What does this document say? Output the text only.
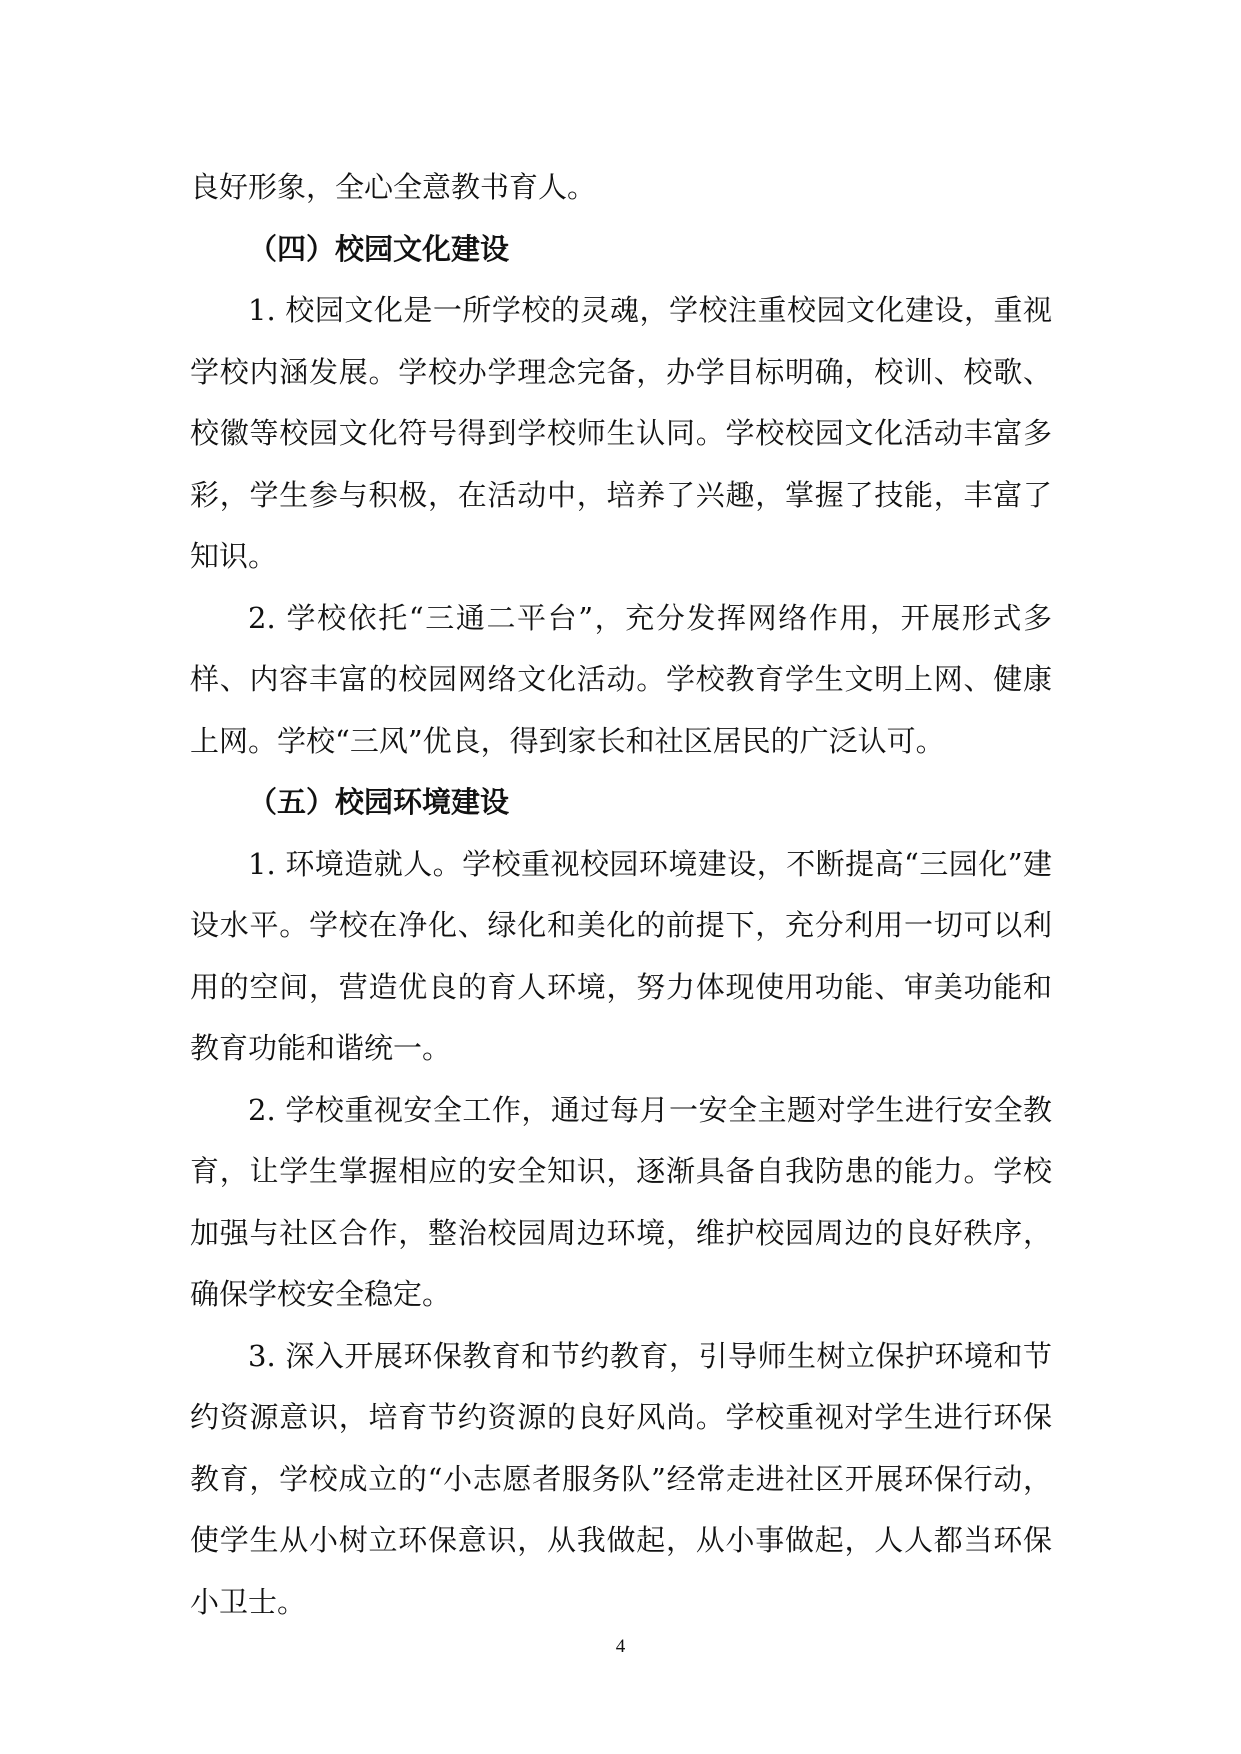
良好形象，全心全意教书育人。

（四）校园文化建设

1. 校园文化是一所学校的灵魂，学校注重校园文化建设，重视学校内涵发展。学校办学理念完备，办学目标明确，校训、校歌、校徽等校园文化符号得到学校师生认同。学校校园文化活动丰富多彩，学生参与积极，在活动中，培养了兴趣，掌握了技能，丰富了知识。

2. 学校依托“三通二平台”，充分发挥网络作用，开展形式多样、内容丰富的校园网络文化活动。学校教育学生文明上网、健康上网。学校“三风”优良，得到家长和社区居民的广泛认可。

（五）校园环境建设

1. 环境造就人。学校重视校园环境建设，不断提高“三园化”建设水平。学校在净化、绿化和美化的前提下，充分利用一切可以利用的空间，营造优良的育人环境，努力体现使用功能、审美功能和教育功能和谐统一。

2. 学校重视安全工作，通过每月一安全主题对学生进行安全教育，让学生掌握相应的安全知识，逐渐具备自我防患的能力。学校加强与社区合作，整治校园周边环境，维护校园周边的良好秩序，确保学校安全稳定。

3. 深入开展环保教育和节约教育，引导师生树立保护环境和节约资源意识，培育节约资源的良好风尚。学校重视对学生进行环保教育，学校成立的“小志愿者服务队”经常走进社区开展环保行动，使学生从小树立环保意识，从我做起，从小事做起，人人都当环保小卫士。

4
